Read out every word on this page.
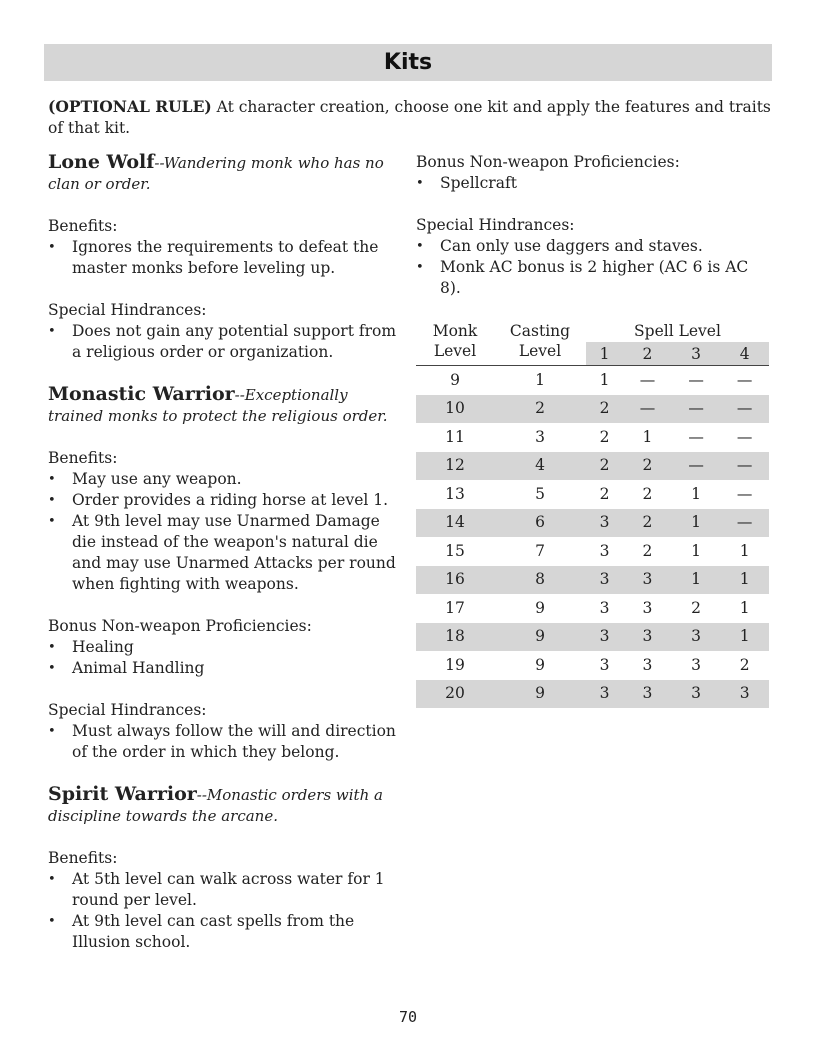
Kits
(OPTIONAL RULE) At character creation, choose one kit and apply the features and traits of that kit.
Lone Wolf--Wandering monk who has no clan or order.
Benefits:
• Ignores the requirements to defeat the master monks before leveling up.
Special Hindrances:
• Does not gain any potential support from a religious order or organization.
Monastic Warrior--Exceptionally trained monks to protect the religious order.
Benefits:
• May use any weapon.
• Order provides a riding horse at level 1.
• At 9th level may use Unarmed Damage die instead of the weapon's natural die and may use Unarmed Attacks per round when fighting with weapons.
Bonus Non-weapon Proficiencies:
• Healing
• Animal Handling
Special Hindrances:
• Must always follow the will and direction of the order in which they belong.
Spirit Warrior--Monastic orders with a discipline towards the arcane.
Benefits:
• At 5th level can walk across water for 1 round per level.
• At 9th level can cast spells from the Illusion school.
Bonus Non-weapon Proficiencies:
• Spellcraft
Special Hindrances:
• Can only use daggers and staves.
• Monk AC bonus is 2 higher (AC 6 is AC 8).
Monk Level	Casting Level	Spell Level			
		1	2	3	4
9	1	1	—	—	—
10	2	2	—	—	—
11	3	2	1	—	—
12	4	2	2	—	—
13	5	2	2	1	—
14	6	3	2	1	—
15	7	3	2	1	1
16	8	3	3	1	1
17	9	3	3	2	1
18	9	3	3	3	1
19	9	3	3	3	2
20	9	3	3	3	3
70
